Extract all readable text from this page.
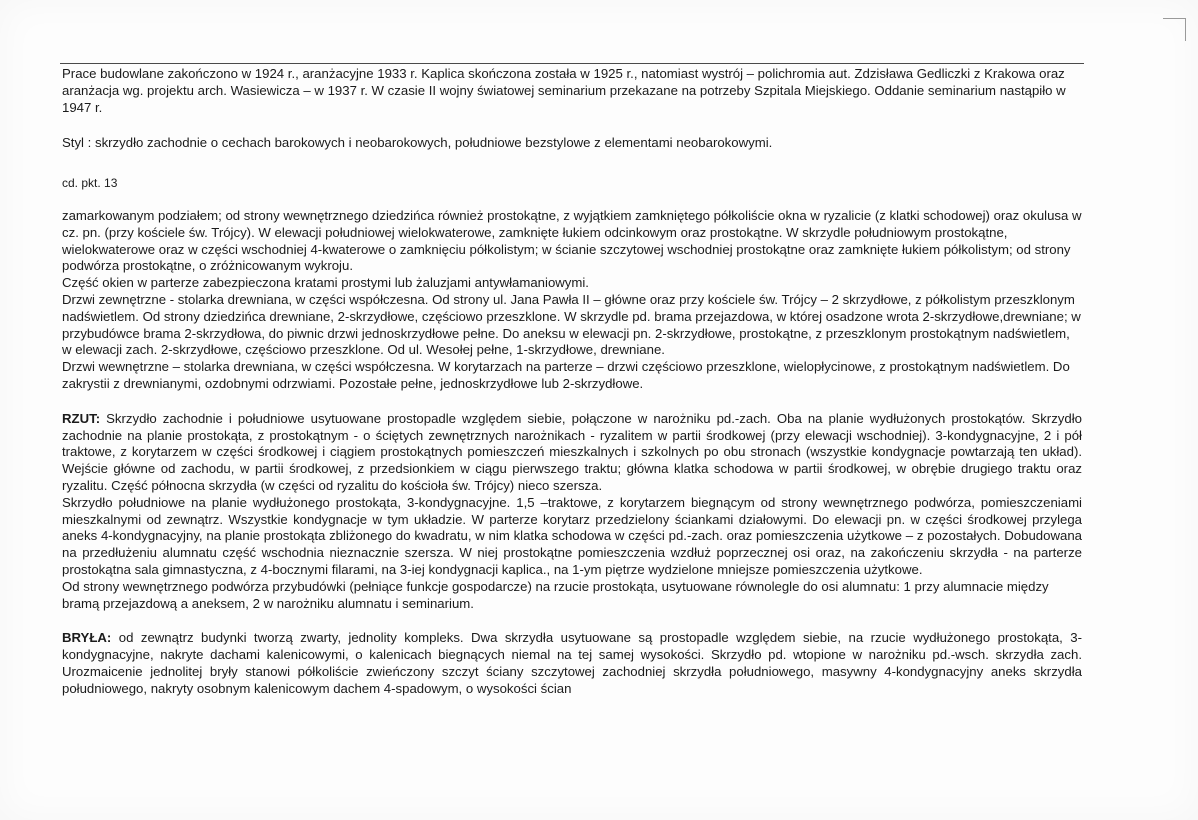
Prace budowlane zakończono w 1924 r., aranżacyjne 1933 r. Kaplica skończona została w 1925 r., natomiast wystrój – polichromia aut. Zdzisława Gedliczki z Krakowa oraz aranżacja wg. projektu arch. Wasiewicza – w 1937 r. W czasie II wojny światowej seminarium przekazane na potrzeby Szpitala Miejskiego. Oddanie seminarium nastąpiło w 1947 r.

Styl : skrzydło zachodnie o cechach barokowych i neobarokowych, południowe bezstylowe z elementami neobarokowymi.

cd. pkt. 13

zamarkowanym podziałem; od strony wewnętrznego dziedzińca również prostokątne, z wyjątkiem zamkniętego półkoliście okna w ryzalicie (z klatki schodowej) oraz okulusa w cz. pn. (przy kościele św. Trójcy). W elewacji południowej wielokwaterowe, zamknięte łukiem odcinkowym oraz prostokątne. W skrzydle południowym prostokątne, wielokwaterowe oraz w części wschodniej 4-kwaterowe o zamknięciu półkolistym; w ścianie szczytowej wschodniej prostokątne oraz zamknięte łukiem półkolistym; od strony podwórza prostokątne, o zróżnicowanym wykroju.

Część okien w parterze zabezpieczona kratami prostymi lub żaluzjami antywłamaniowymi.

Drzwi zewnętrzne - stolarka drewniana, w części współczesna. Od strony ul. Jana Pawła II – główne oraz przy kościele św. Trójcy – 2 skrzydłowe, z półkolistym przeszklonym nadświetlem. Od strony dziedzińca drewniane, 2-skrzydłowe, częściowo przeszklone. W skrzydle pd. brama przejazdowa, w której osadzone wrota 2-skrzydłowe,drewniane; w przybudówce brama 2-skrzydłowa, do piwnic drzwi jednoskrzydłowe pełne. Do aneksu w elewacji pn. 2-skrzydłowe, prostokątne, z przeszklonym prostokątnym nadświetlem, w elewacji zach. 2-skrzydłowe, częściowo przeszklone. Od ul. Wesołej pełne, 1-skrzydłowe, drewniane.

Drzwi wewnętrzne – stolarka drewniana, w części współczesna. W korytarzach na parterze – drzwi częściowo przeszklone, wielopłycinowe, z prostokątnym nadświetlem. Do zakrystii z drewnianymi, ozdobnymi odrzwiami. Pozostałe pełne, jednoskrzydłowe lub 2-skrzydłowe.

RZUT: Skrzydło zachodnie i południowe usytuowane prostopadle względem siebie, połączone w narożniku pd.-zach. Oba na planie wydłużonych prostokątów. Skrzydło zachodnie na planie prostokąta, z prostokątnym - o ściętych zewnętrznych narożnikach - ryzalitem w partii środkowej (przy elewacji wschodniej). 3-kondygnacyjne, 2 i pół traktowe, z korytarzem w części środkowej i ciągiem prostokątnych pomieszczeń mieszkalnych i szkolnych po obu stronach (wszystkie kondygnacje powtarzają ten układ). Wejście główne od zachodu, w partii środkowej, z przedsionkiem w ciągu pierwszego traktu; główna klatka schodowa w partii środkowej, w obrębie drugiego traktu oraz ryzalitu. Część północna skrzydła (w części od ryzalitu do kościoła św. Trójcy) nieco szersza.

Skrzydło południowe na planie wydłużonego prostokąta, 3-kondygnacyjne. 1,5 –traktowe, z korytarzem biegnącym od strony wewnętrznego podwórza, pomieszczeniami mieszkalnymi od zewnątrz. Wszystkie kondygnacje w tym układzie. W parterze korytarz przedzielony ściankami działowymi. Do elewacji pn. w części środkowej przylega aneks 4-kondygnacyjny, na planie prostokąta zbliżonego do kwadratu, w nim klatka schodowa w części pd.-zach. oraz pomieszczenia użytkowe – z pozostałych. Dobudowana na przedłużeniu alumnatu część wschodnia nieznacznie szersza. W niej prostokątne pomieszczenia wzdłuż poprzecznej osi oraz, na zakończeniu skrzydła - na parterze prostokątna sala gimnastyczna, z 4-bocznymi filarami, na 3-iej kondygnacji kaplica., na 1-ym piętrze wydzielone mniejsze pomieszczenia użytkowe.

Od strony wewnętrznego podwórza przybudówki (pełniące funkcje gospodarcze) na rzucie prostokąta, usytuowane równolegle do osi alumnatu: 1 przy alumnacie między bramą przejazdową a aneksem, 2 w narożniku alumnatu i seminarium.

BRYŁA: od zewnątrz budynki tworzą zwarty, jednolity kompleks. Dwa skrzydła usytuowane są prostopadle względem siebie, na rzucie wydłużonego prostokąta, 3-kondygnacyjne, nakryte dachami kalenicowymi, o kalenicach biegnących niemal na tej samej wysokości. Skrzydło pd. wtopione w narożniku pd.-wsch. skrzydła zach. Urozmaicenie jednolitej bryły stanowi półkoliście zwieńczony szczyt ściany szczytowej zachodniej skrzydła południowego, masywny 4-kondygnacyjny aneks skrzydła południowego, nakryty osobnym kalenicowym dachem 4-spadowym, o wysokości ścian
